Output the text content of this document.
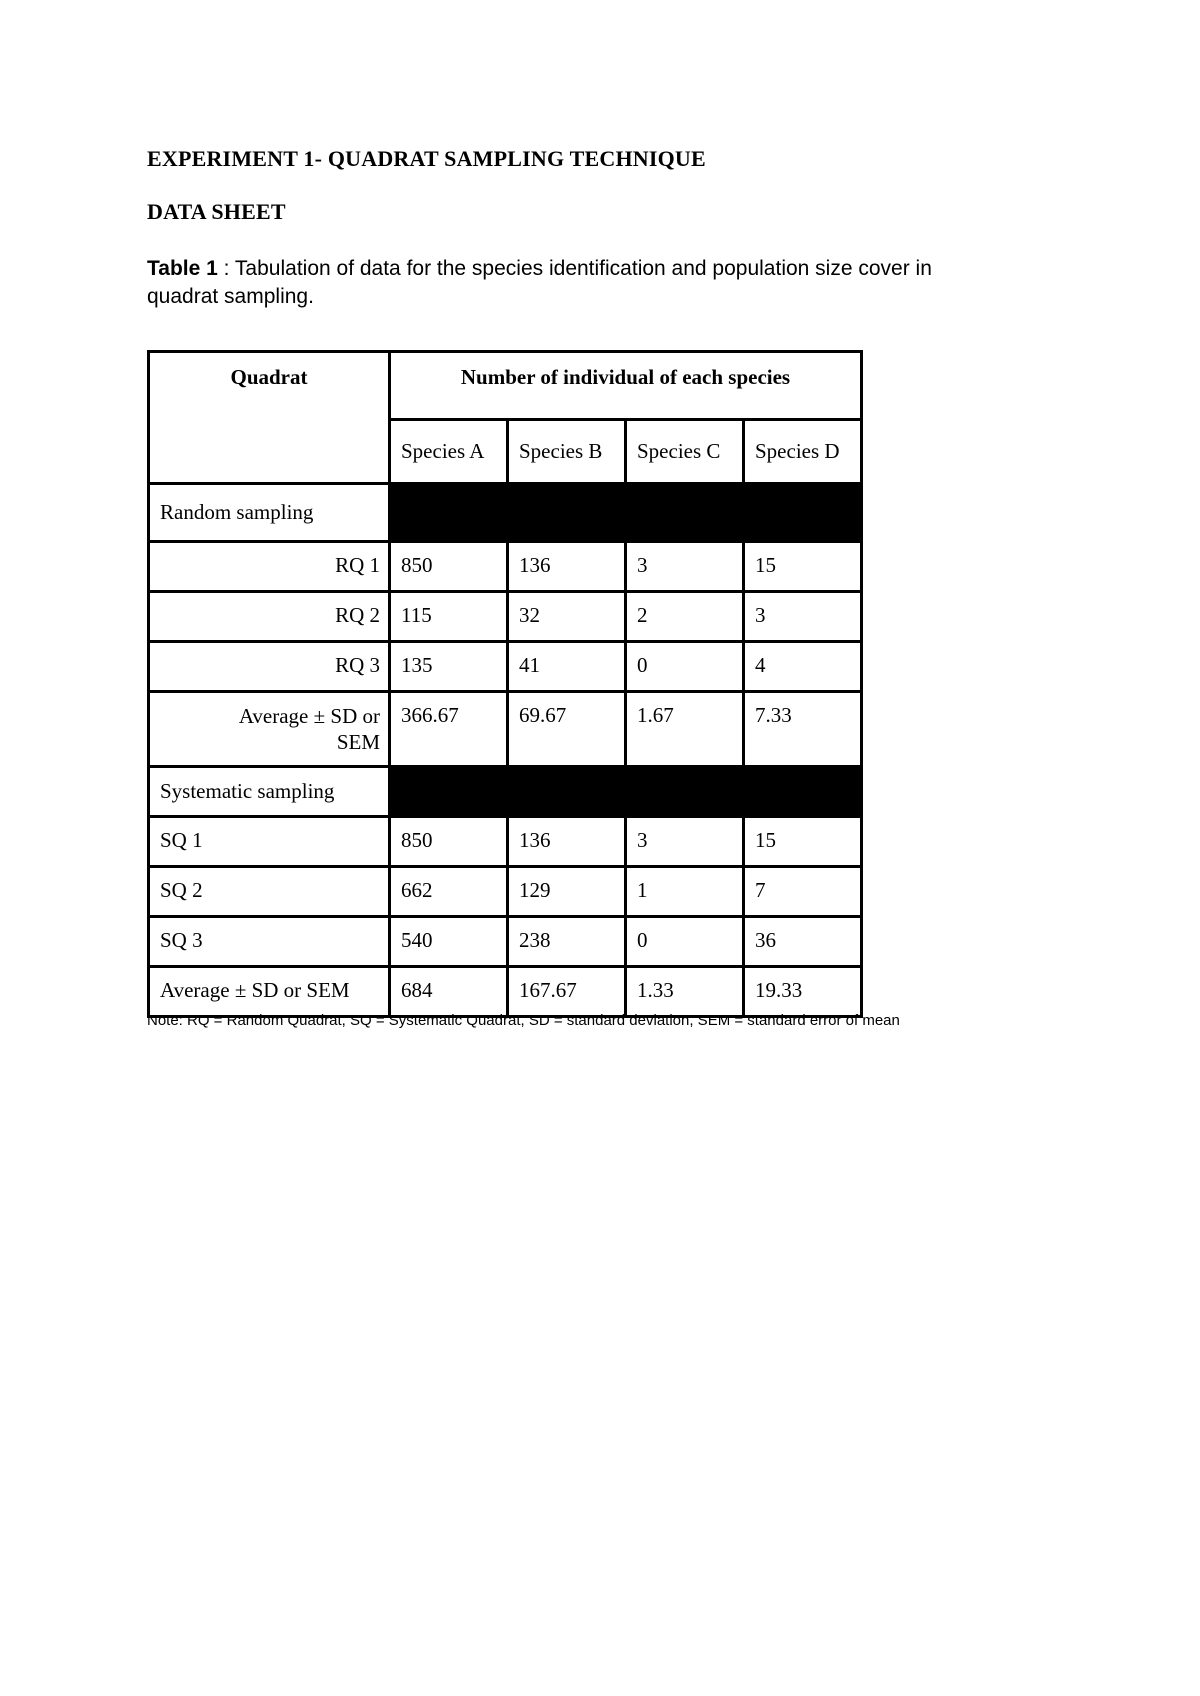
EXPERIMENT 1- QUADRAT SAMPLING TECHNIQUE
DATA SHEET
Table 1 : Tabulation of data for the species identification and population size cover in quadrat sampling.
Quadrat	Number of individual of each species			
	Species A	Species B	Species C	Species D
Random sampling				
RQ 1	850	136	3	15
RQ 2	115	32	2	3
RQ 3	135	41	0	4
Average ± SD or SEM	366.67	69.67	1.67	7.33
Systematic sampling				
SQ 1	850	136	3	15
SQ 2	662	129	1	7
SQ 3	540	238	0	36
Average ± SD or SEM	684	167.67	1.33	19.33
Note: RQ = Random Quadrat, SQ = Systematic Quadrat, SD = standard deviation, SEM = standard error of mean
